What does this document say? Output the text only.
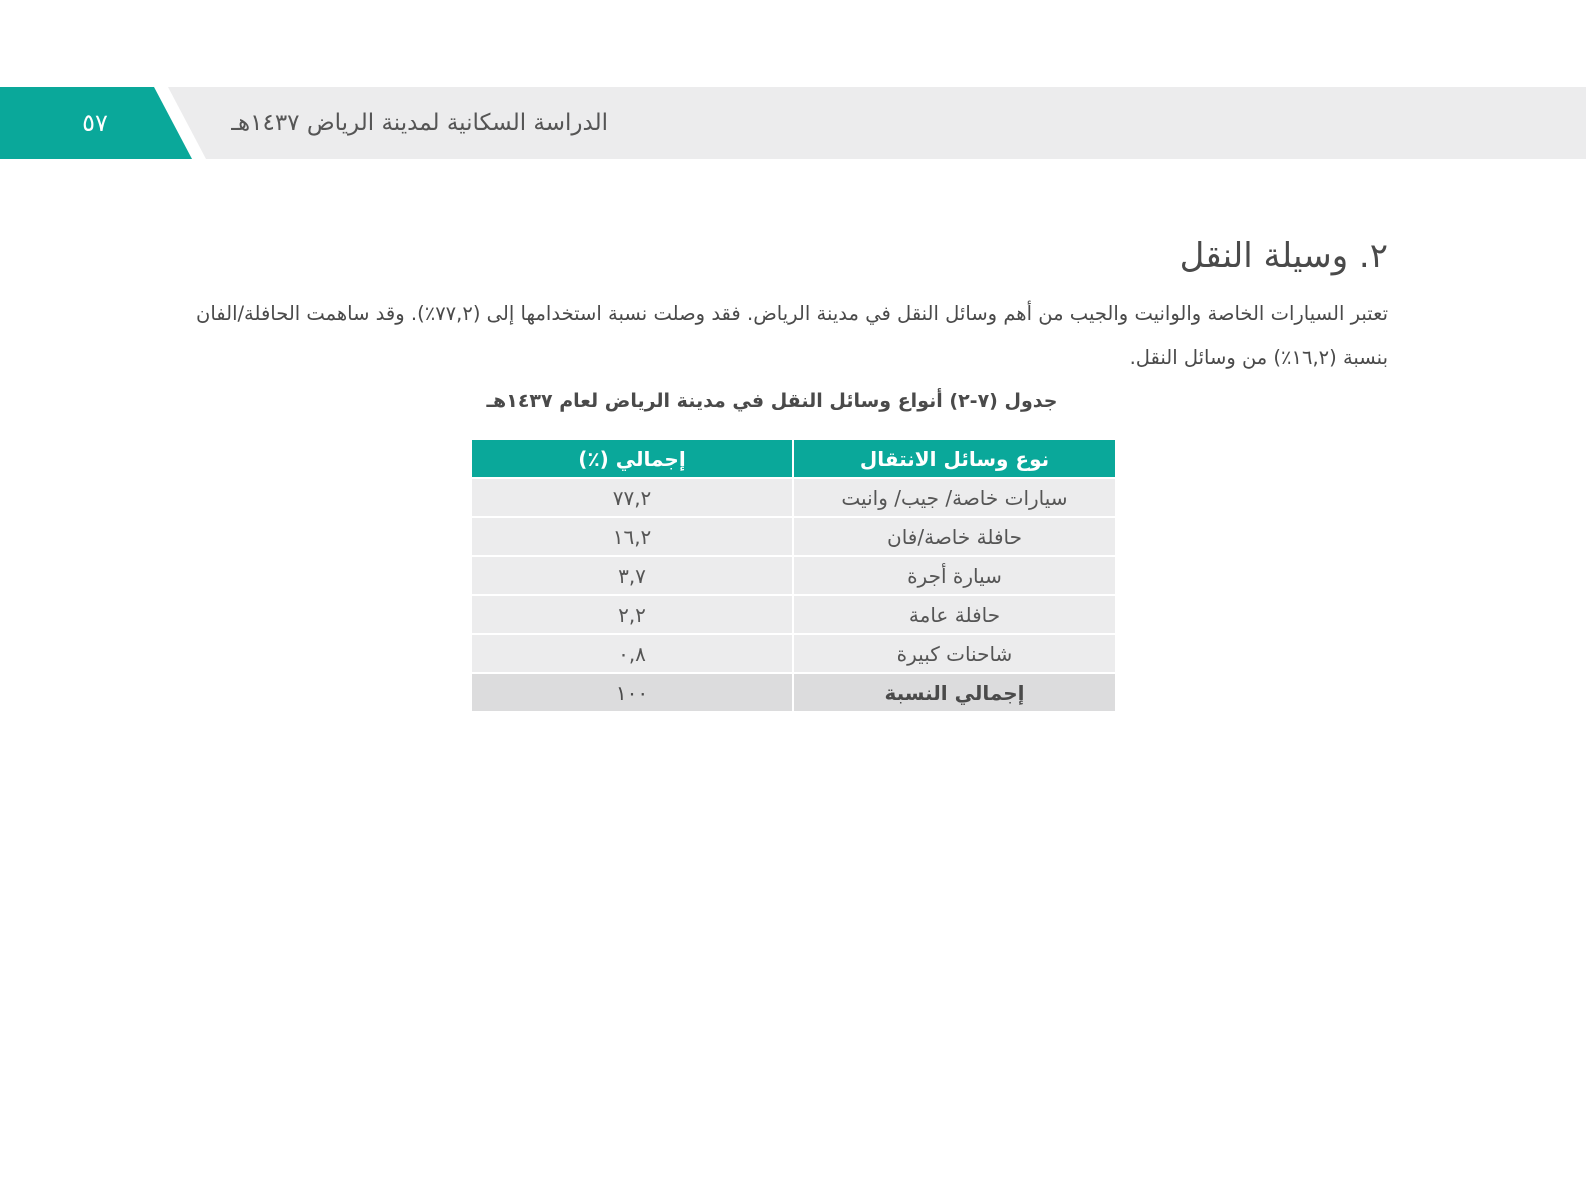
٥٧	الدراسة السكانية لمدينة الرياض ١٤٣٧هـ
٢. وسيلة النقل

تعتبر السيارات الخاصة والوانيت والجيب من أهم وسائل النقل في مدينة الرياض. فقد وصلت نسبة استخدامها إلى (٧٧,٢٪). وقد ساهمت الحافلة/الفان بنسبة (١٦,٢٪) من وسائل النقل.

جدول (٧-٢) أنواع وسائل النقل في مدينة الرياض لعام ١٤٣٧هـ
نوع وسائل الانتقال	إجمالي (٪)
سيارات خاصة/ جيب/ وانيت	٧٧,٢
حافلة خاصة/فان	١٦,٢
سيارة أجرة	٣,٧
حافلة عامة	٢,٢
شاحنات كبيرة	٠,٨
إجمالي النسبة	١٠٠
